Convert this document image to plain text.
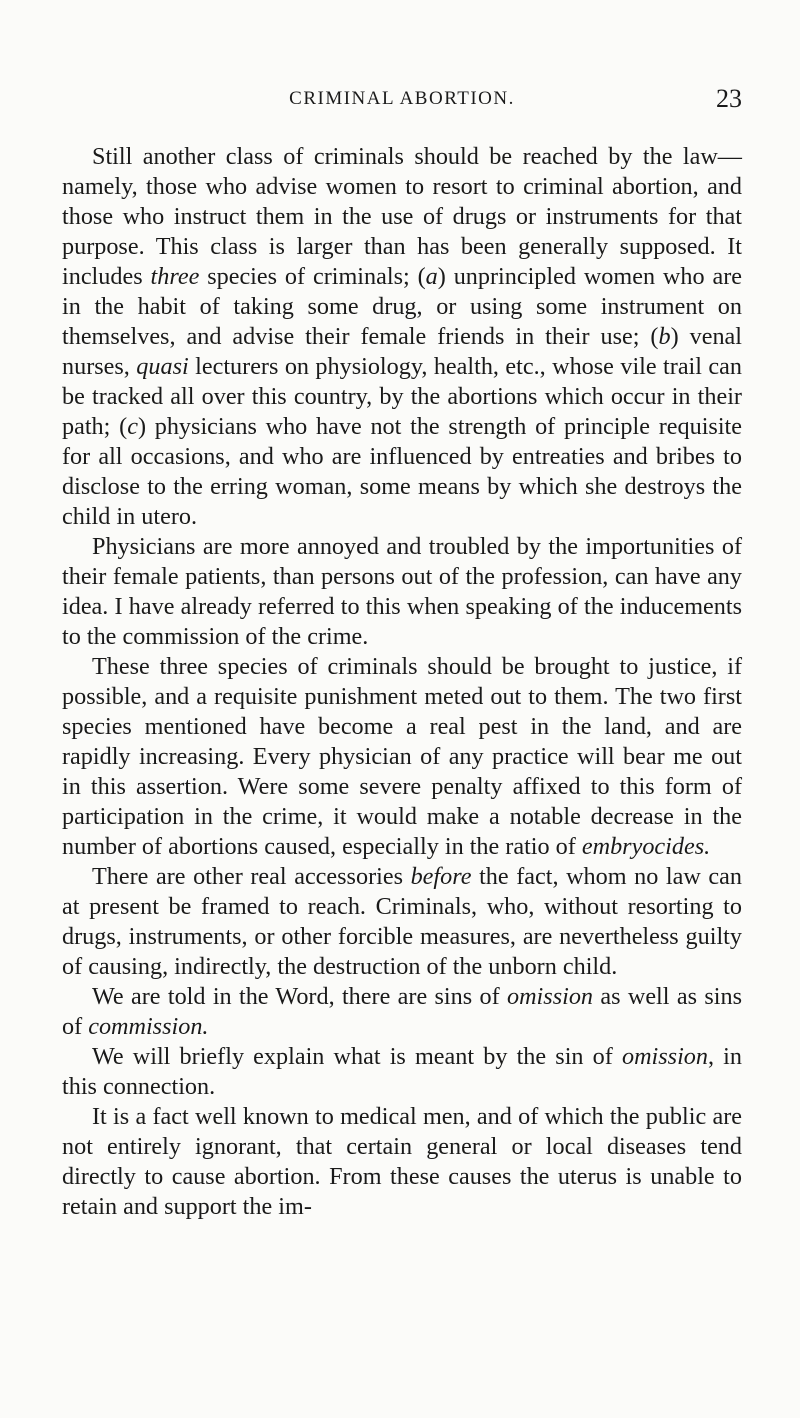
CRIMINAL ABORTION.	23

Still another class of criminals should be reached by the law—namely, those who advise women to resort to criminal abortion, and those who instruct them in the use of drugs or instruments for that purpose. This class is larger than has been generally supposed. It includes three species of criminals; (a) unprincipled women who are in the habit of taking some drug, or using some instrument on themselves, and advise their female friends in their use; (b) venal nurses, quasi lecturers on physiology, health, etc., whose vile trail can be tracked all over this country, by the abortions which occur in their path; (c) physicians who have not the strength of principle requisite for all occasions, and who are influenced by entreaties and bribes to disclose to the erring woman, some means by which she destroys the child in utero.

Physicians are more annoyed and troubled by the importunities of their female patients, than persons out of the profession, can have any idea. I have already referred to this when speaking of the inducements to the commission of the crime.

These three species of criminals should be brought to justice, if possible, and a requisite punishment meted out to them. The two first species mentioned have become a real pest in the land, and are rapidly increasing. Every physician of any practice will bear me out in this assertion. Were some severe penalty affixed to this form of participation in the crime, it would make a notable decrease in the number of abortions caused, especially in the ratio of embryocides.

There are other real accessories before the fact, whom no law can at present be framed to reach. Criminals, who, without resorting to drugs, instruments, or other forcible measures, are nevertheless guilty of causing, indirectly, the destruction of the unborn child.

We are told in the Word, there are sins of omission as well as sins of commission.

We will briefly explain what is meant by the sin of omission, in this connection.

It is a fact well known to medical men, and of which the public are not entirely ignorant, that certain general or local diseases tend directly to cause abortion. From these causes the uterus is unable to retain and support the im-
